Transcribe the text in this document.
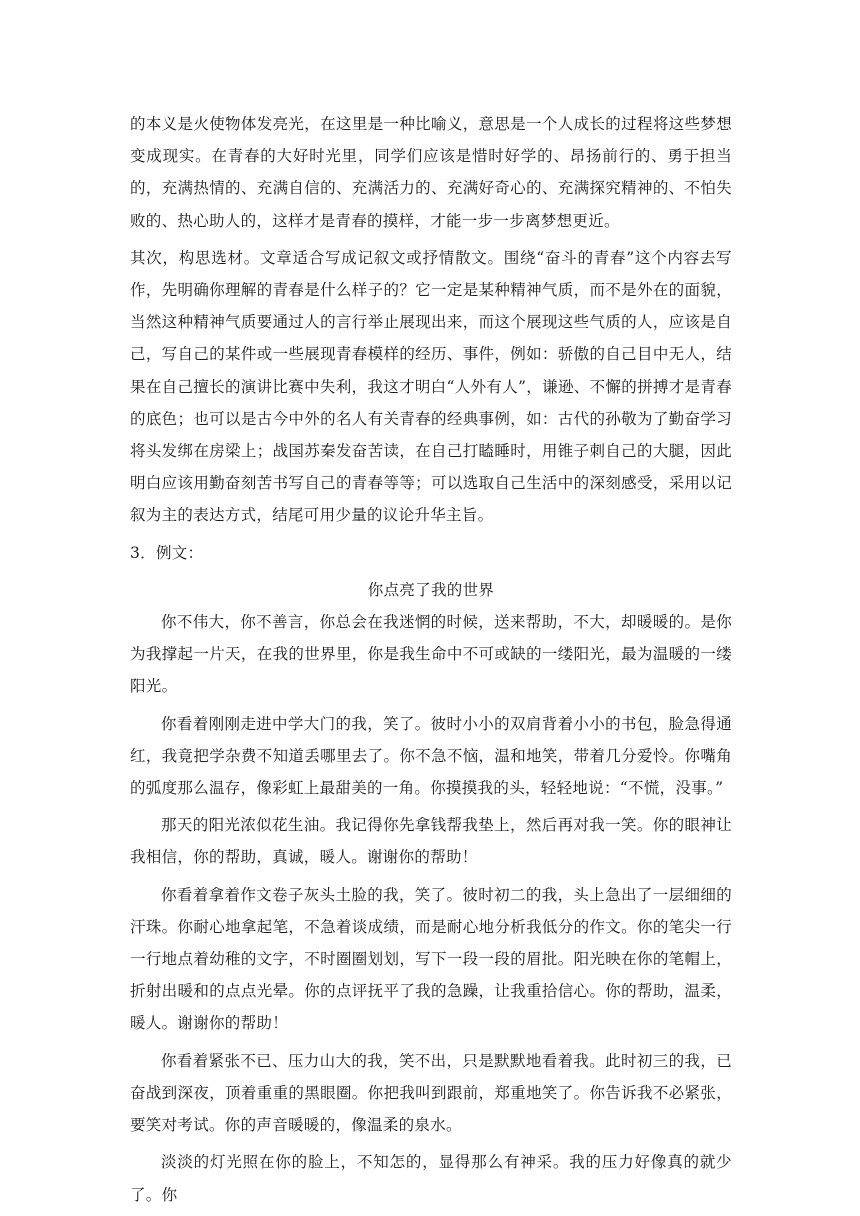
的本义是火使物体发亮光，在这里是一种比喻义，意思是一个人成长的过程将这些梦想变成现实。在青春的大好时光里，同学们应该是惜时好学的、昂扬前行的、勇于担当的，充满热情的、充满自信的、充满活力的、充满好奇心的、充满探究精神的、不怕失败的、热心助人的，这样才是青春的摸样，才能一步一步离梦想更近。

其次，构思选材。文章适合写成记叙文或抒情散文。围绕“奋斗的青春”这个内容去写作，先明确你理解的青春是什么样子的？它一定是某种精神气质，而不是外在的面貌，当然这种精神气质要通过人的言行举止展现出来，而这个展现这些气质的人，应该是自己，写自己的某件或一些展现青春模样的经历、事件，例如：骄傲的自己目中无人，结果在自己擅长的演讲比赛中失利，我这才明白“人外有人”，谦逊、不懈的拼搏才是青春的底色；也可以是古今中外的名人有关青春的经典事例，如：古代的孙敬为了勤奋学习将头发绑在房梁上；战国苏秦发奋苦读，在自己打瞌睡时，用锥子刺自己的大腿，因此明白应该用勤奋刻苦书写自己的青春等等；可以选取自己生活中的深刻感受，采用以记叙为主的表达方式，结尾可用少量的议论升华主旨。

3．例文：

你点亮了我的世界

你不伟大，你不善言，你总会在我迷惘的时候，送来帮助，不大，却暖暖的。是你为我撑起一片天，在我的世界里，你是我生命中不可或缺的一缕阳光，最为温暖的一缕阳光。

你看着刚刚走进中学大门的我，笑了。彼时小小的双肩背着小小的书包，脸急得通红，我竟把学杂费不知道丢哪里去了。你不急不恼，温和地笑，带着几分爱怜。你嘴角的弧度那么温存，像彩虹上最甜美的一角。你摸摸我的头，轻轻地说：“不慌，没事。”

那天的阳光浓似花生油。我记得你先拿钱帮我垫上，然后再对我一笑。你的眼神让我相信，你的帮助，真诚，暖人。谢谢你的帮助！

你看着拿着作文卷子灰头土脸的我，笑了。彼时初二的我，头上急出了一层细细的汗珠。你耐心地拿起笔，不急着谈成绩，而是耐心地分析我低分的作文。你的笔尖一行一行地点着幼稚的文字，不时圈圈划划，写下一段一段的眉批。阳光映在你的笔帽上，折射出暖和的点点光晕。你的点评抚平了我的急躁，让我重拾信心。你的帮助，温柔，暖人。谢谢你的帮助！

你看着紧张不已、压力山大的我，笑不出，只是默默地看着我。此时初三的我，已奋战到深夜，顶着重重的黑眼圈。你把我叫到跟前，郑重地笑了。你告诉我不必紧张，要笑对考试。你的声音暖暖的，像温柔的泉水。

淡淡的灯光照在你的脸上，不知怎的，显得那么有神采。我的压力好像真的就少了。你
